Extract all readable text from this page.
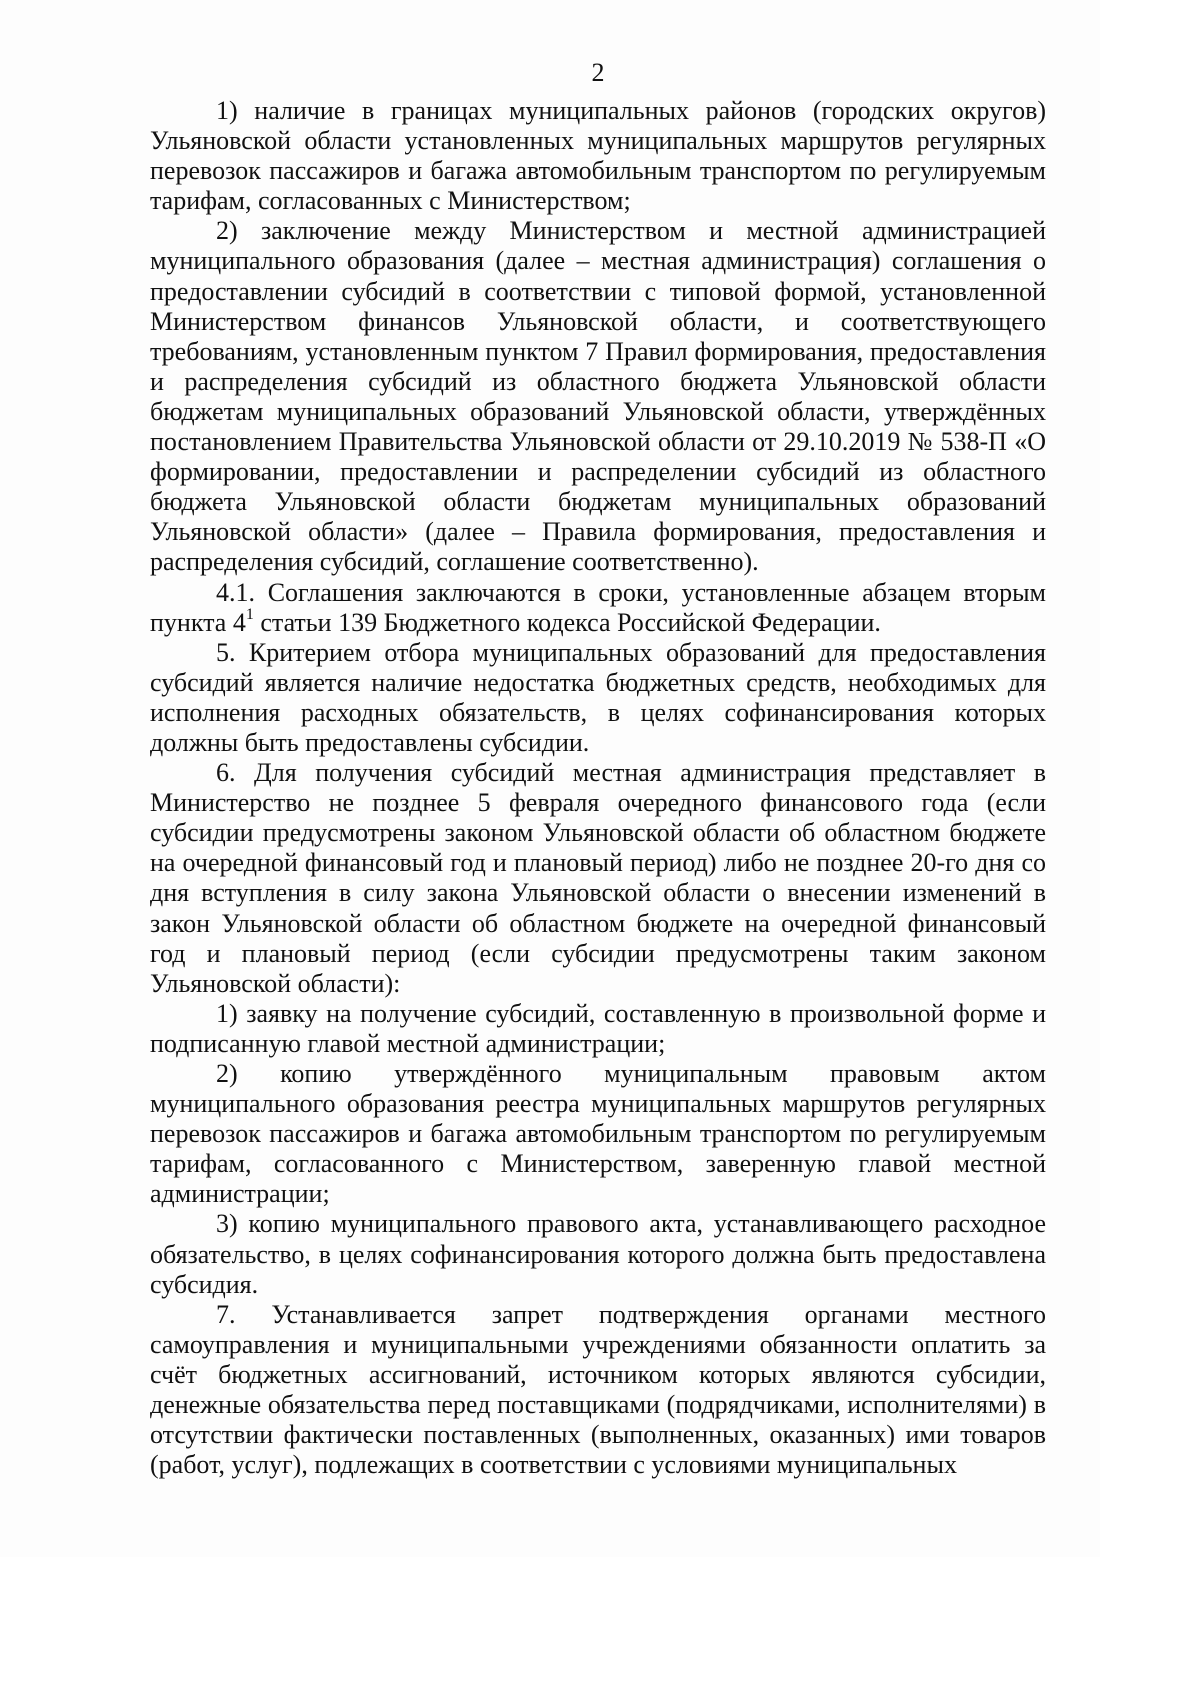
2

1) наличие в границах муниципальных районов (городских округов) Ульяновской области установленных муниципальных маршрутов регулярных перевозок пассажиров и багажа автомобильным транспортом по регулируемым тарифам, согласованных с Министерством;

2) заключение между Министерством и местной администрацией муниципального образования (далее – местная администрация) соглашения о предоставлении субсидий в соответствии с типовой формой, установленной Министерством финансов Ульяновской области, и соответствующего требованиям, установленным пунктом 7 Правил формирования, предоставления и распределения субсидий из областного бюджета Ульяновской области бюджетам муниципальных образований Ульяновской области, утверждённых постановлением Правительства Ульяновской области от 29.10.2019 № 538-П «О формировании, предоставлении и распределении субсидий из областного бюджета Ульяновской области бюджетам муниципальных образований Ульяновской области» (далее – Правила формирования, предоставления и распределения субсидий, соглашение соответственно).

4.1. Соглашения заключаются в сроки, установленные абзацем вторым пункта $4^1$ статьи 139 Бюджетного кодекса Российской Федерации.

5. Критерием отбора муниципальных образований для предоставления субсидий является наличие недостатка бюджетных средств, необходимых для исполнения расходных обязательств, в целях софинансирования которых должны быть предоставлены субсидии.

6. Для получения субсидий местная администрация представляет в Министерство не позднее 5 февраля очередного финансового года (если субсидии предусмотрены законом Ульяновской области об областном бюджете на очередной финансовый год и плановый период) либо не позднее 20-го дня со дня вступления в силу закона Ульяновской области о внесении изменений в закон Ульяновской области об областном бюджете на очередной финансовый год и плановый период (если субсидии предусмотрены таким законом Ульяновской области):

1) заявку на получение субсидий, составленную в произвольной форме и подписанную главой местной администрации;

2) копию утверждённого муниципальным правовым актом муниципального образования реестра муниципальных маршрутов регулярных перевозок пассажиров и багажа автомобильным транспортом по регулируемым тарифам, согласованного с Министерством, заверенную главой местной администрации;

3) копию муниципального правового акта, устанавливающего расходное обязательство, в целях софинансирования которого должна быть предоставлена субсидия.

7. Устанавливается запрет подтверждения органами местного самоуправления и муниципальными учреждениями обязанности оплатить за счёт бюджетных ассигнований, источником которых являются субсидии, денежные обязательства перед поставщиками (подрядчиками, исполнителями) в отсутствии фактически поставленных (выполненных, оказанных) ими товаров (работ, услуг), подлежащих в соответствии с условиями муниципальных
